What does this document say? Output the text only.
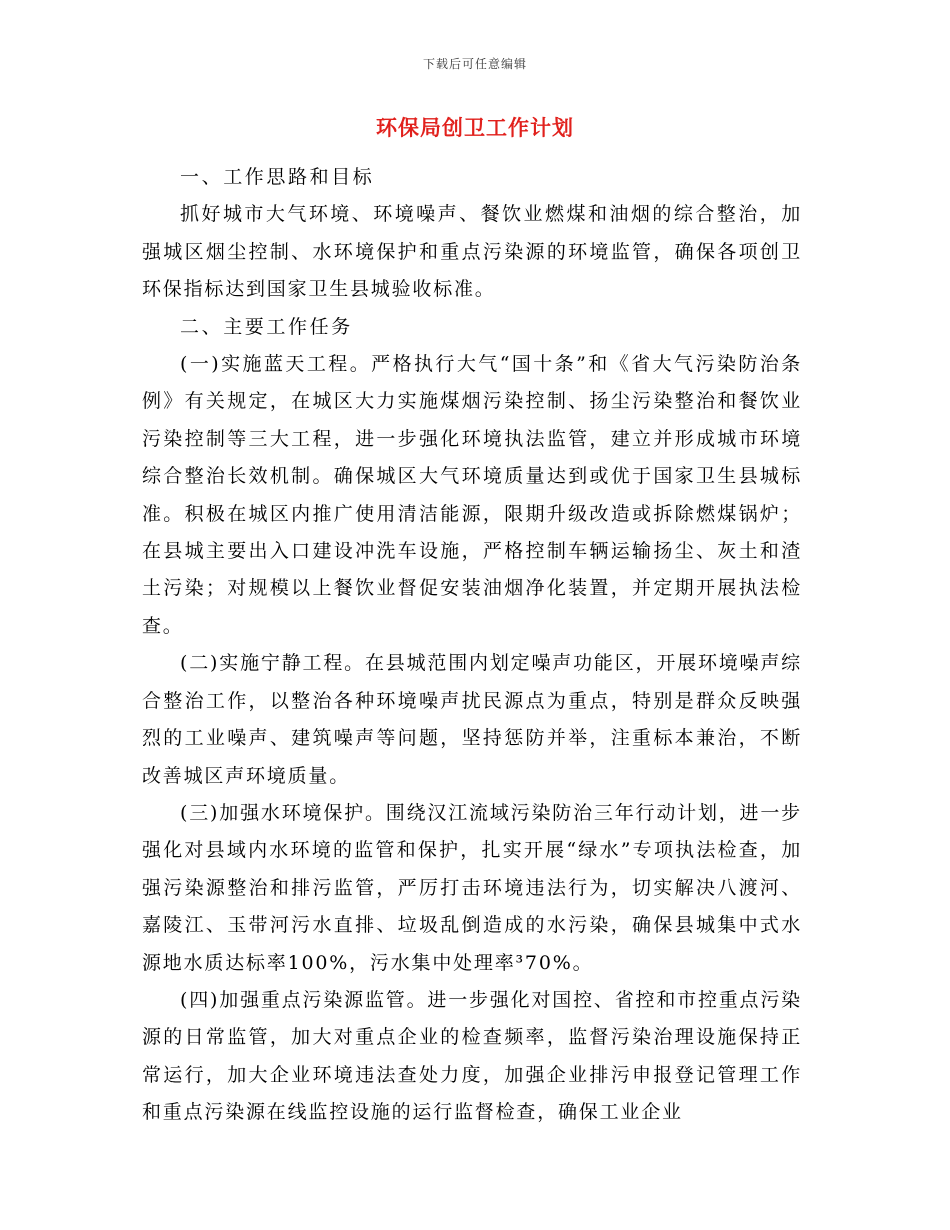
下载后可任意编辑
环保局创卫工作计划

一、工作思路和目标

抓好城市大气环境、环境噪声、餐饮业燃煤和油烟的综合整治，加强城区烟尘控制、水环境保护和重点污染源的环境监管，确保各项创卫环保指标达到国家卫生县城验收标准。

二、主要工作任务

(一)实施蓝天工程。严格执行大气“国十条”和《省大气污染防治条例》有关规定，在城区大力实施煤烟污染控制、扬尘污染整治和餐饮业污染控制等三大工程，进一步强化环境执法监管，建立并形成城市环境综合整治长效机制。确保城区大气环境质量达到或优于国家卫生县城标准。积极在城区内推广使用清洁能源，限期升级改造或拆除燃煤锅炉；在县城主要出入口建设冲洗车设施，严格控制车辆运输扬尘、灰土和渣土污染；对规模以上餐饮业督促安装油烟净化装置，并定期开展执法检查。

(二)实施宁静工程。在县城范围内划定噪声功能区，开展环境噪声综合整治工作，以整治各种环境噪声扰民源点为重点，特别是群众反映强烈的工业噪声、建筑噪声等问题，坚持惩防并举，注重标本兼治，不断改善城区声环境质量。

(三)加强水环境保护。围绕汉江流域污染防治三年行动计划，进一步强化对县域内水环境的监管和保护，扎实开展“绿水”专项执法检查，加强污染源整治和排污监管，严厉打击环境违法行为，切实解决八渡河、嘉陵江、玉带河污水直排、垃圾乱倒造成的水污染，确保县城集中式水源地水质达标率100%，污水集中处理率³70%。

(四)加强重点污染源监管。进一步强化对国控、省控和市控重点污染源的日常监管，加大对重点企业的检查频率，监督污染治理设施保持正常运行，加大企业环境违法查处力度，加强企业排污申报登记管理工作和重点污染源在线监控设施的运行监督检查，确保工业企业
